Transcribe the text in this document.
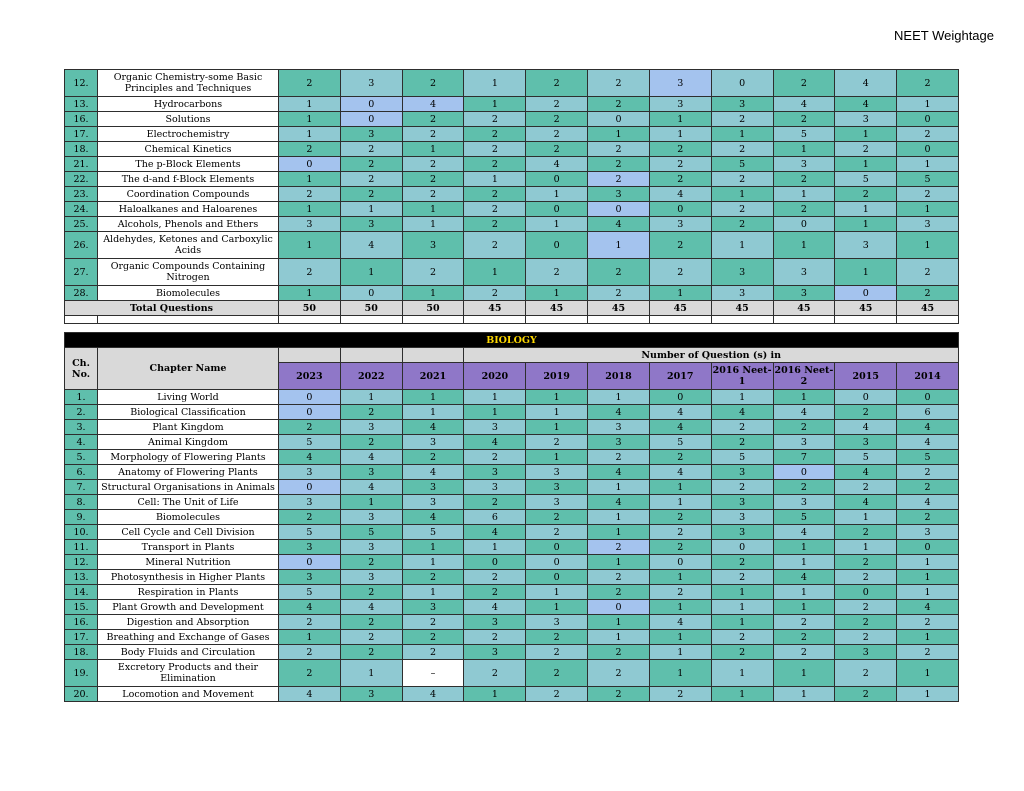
NEET Weightage
12.	Organic Chemistry-some Basic Principles and Techniques	2	3	2	1	2	2	3	0	2	4	2
13.	Hydrocarbons	1	0	4	1	2	2	3	3	4	4	1
16.	Solutions	1	0	2	2	2	0	1	2	2	3	0
17.	Electrochemistry	1	3	2	2	2	1	1	1	5	1	2
18.	Chemical Kinetics	2	2	1	2	2	2	2	2	1	2	0
21.	The p-Block Elements	0	2	2	2	4	2	2	5	3	1	1
22.	The d-and f-Block Elements	1	2	2	1	0	2	2	2	2	5	5
23.	Coordination Compounds	2	2	2	2	1	3	4	1	1	2	2
24.	Haloalkanes and Haloarenes	1	1	1	2	0	0	0	2	2	1	1
25.	Alcohols, Phenols and Ethers	3	3	1	2	1	4	3	2	0	1	3
26.	Aldehydes, Ketones and Carboxylic Acids	1	4	3	2	0	1	2	1	1	3	1
27.	Organic Compounds Containing Nitrogen	2	1	2	1	2	2	2	3	3	1	2
28.	Biomolecules	1	0	1	2	1	2	1	3	3	0	2
Total Questions		50	50	50	45	45	45	45	45	45	45	45

BIOLOGY												
Ch. No.	Chapter Name				Number of Question (s) in							
		2023	2022	2021	2020	2019	2018	2017	2016 Neet-1	2016 Neet-2	2015	2014
1.	Living World	0	1	1	1	1	1	0	1	1	0	0
2.	Biological Classification	0	2	1	1	1	4	4	4	4	2	6
3.	Plant Kingdom	2	3	4	3	1	3	4	2	2	4	4
4.	Animal Kingdom	5	2	3	4	2	3	5	2	3	3	4
5.	Morphology of Flowering Plants	4	4	2	2	1	2	2	5	7	5	5
6.	Anatomy of Flowering Plants	3	3	4	3	3	4	4	3	0	4	2
7.	Structural Organisations in Animals	0	4	3	3	3	1	1	2	2	2	2
8.	Cell: The Unit of Life	3	1	3	2	3	4	1	3	3	4	4
9.	Biomolecules	2	3	4	6	2	1	2	3	5	1	2
10.	Cell Cycle and Cell Division	5	5	5	4	2	1	2	3	4	2	3
11.	Transport in Plants	3	3	1	1	0	2	2	0	1	1	0
12.	Mineral Nutrition	0	2	1	0	0	1	0	2	1	2	1
13.	Photosynthesis in Higher Plants	3	3	2	2	0	2	1	2	4	2	1
14.	Respiration in Plants	5	2	1	2	1	2	2	1	1	0	1
15.	Plant Growth and Development	4	4	3	4	1	0	1	1	1	2	4
16.	Digestion and Absorption	2	2	2	3	3	1	4	1	2	2	2
17.	Breathing and Exchange of Gases	1	2	2	2	2	1	1	2	2	2	1
18.	Body Fluids and Circulation	2	2	2	3	2	2	1	2	2	3	2
19.	Excretory Products and their Elimination	2	1	–	2	2	2	1	1	1	2	1
20.	Locomotion and Movement	4	3	4	1	2	2	2	1	1	2	1
